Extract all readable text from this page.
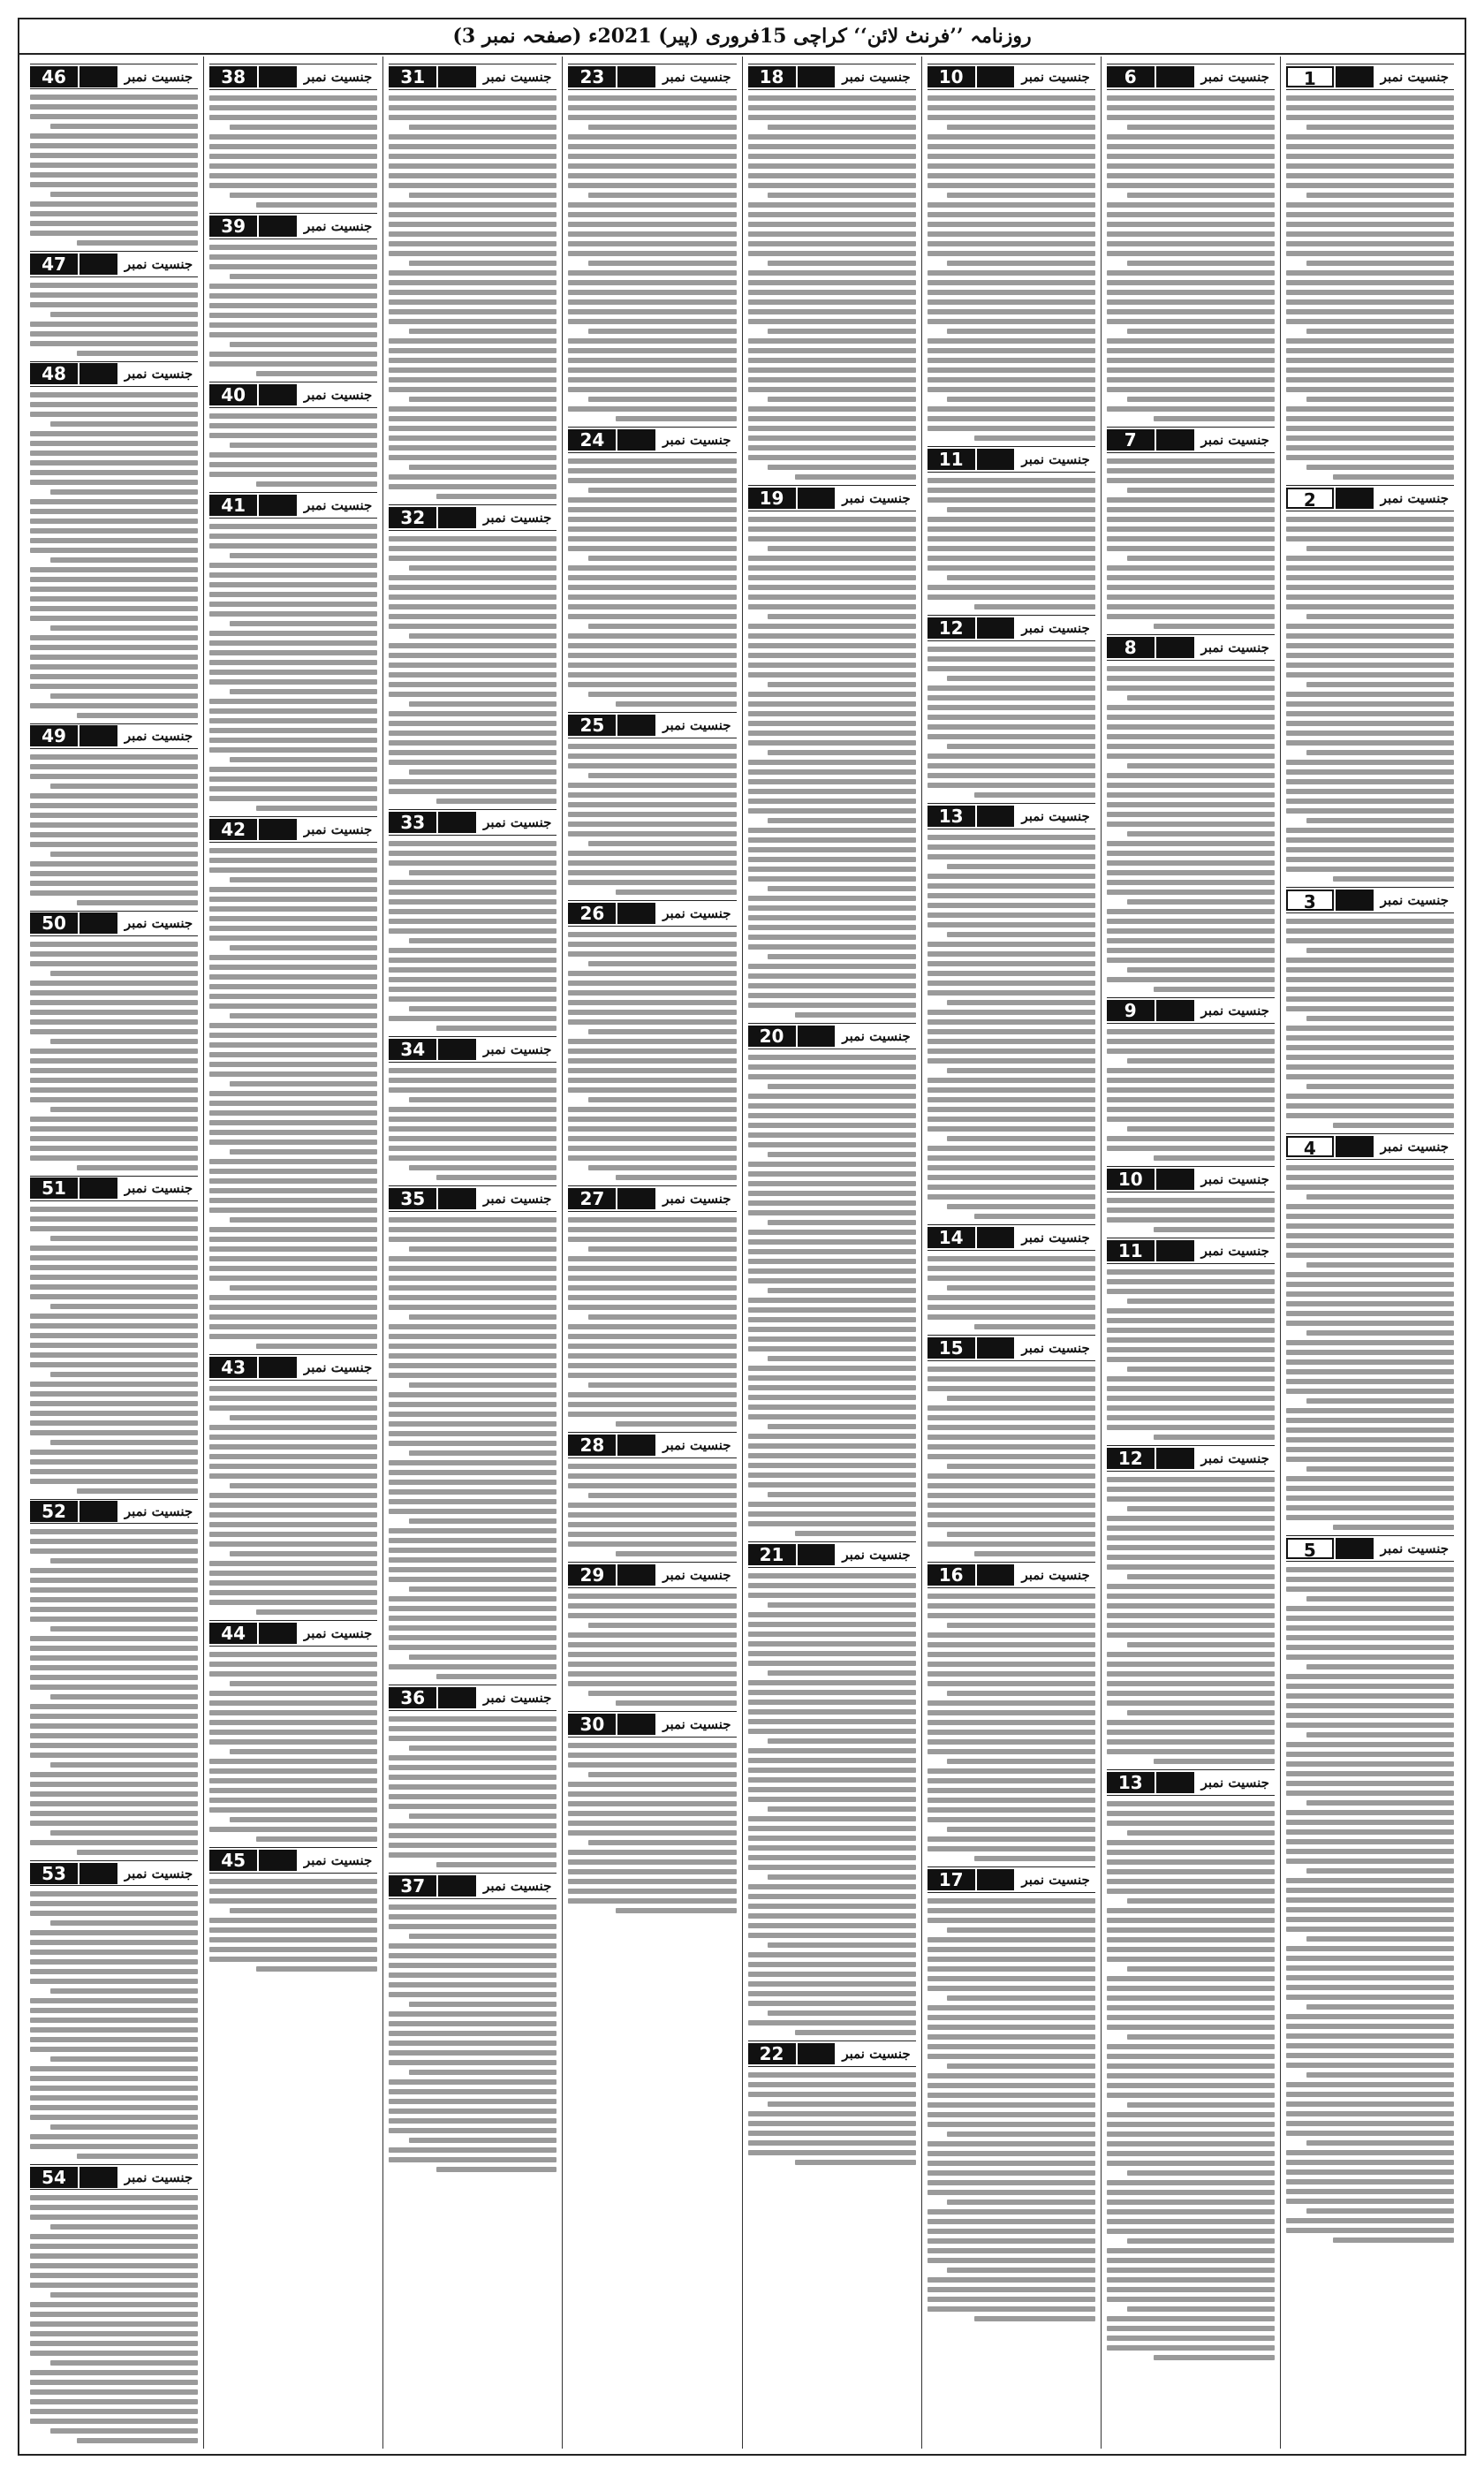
روزنامہ ’’فرنٹ لائن‘‘ کراچی 15فروری (پیر) 2021ء (صفحہ نمبر 3)
جنسیت نمبر
1
جنسیت نمبر
2
جنسیت نمبر
3
جنسیت نمبر
4
جنسیت نمبر
5
جنسیت نمبر
6
جنسیت نمبر
7
جنسیت نمبر
8
جنسیت نمبر
9
جنسیت نمبر
10
جنسیت نمبر
11
جنسیت نمبر
12
جنسیت نمبر
13
جنسیت نمبر
10
جنسیت نمبر
11
جنسیت نمبر
12
جنسیت نمبر
13
جنسیت نمبر
14
جنسیت نمبر
15
جنسیت نمبر
16
جنسیت نمبر
17
جنسیت نمبر
18
جنسیت نمبر
19
جنسیت نمبر
20
جنسیت نمبر
21
جنسیت نمبر
22
جنسیت نمبر
23
جنسیت نمبر
24
جنسیت نمبر
25
جنسیت نمبر
26
جنسیت نمبر
27
جنسیت نمبر
28
جنسیت نمبر
29
جنسیت نمبر
30
جنسیت نمبر
31
جنسیت نمبر
32
جنسیت نمبر
33
جنسیت نمبر
34
جنسیت نمبر
35
جنسیت نمبر
36
جنسیت نمبر
37
جنسیت نمبر
38
جنسیت نمبر
39
جنسیت نمبر
40
جنسیت نمبر
41
جنسیت نمبر
42
جنسیت نمبر
43
جنسیت نمبر
44
جنسیت نمبر
45
جنسیت نمبر
46
جنسیت نمبر
47
جنسیت نمبر
48
جنسیت نمبر
49
جنسیت نمبر
50
جنسیت نمبر
51
جنسیت نمبر
52
جنسیت نمبر
53
جنسیت نمبر
54
